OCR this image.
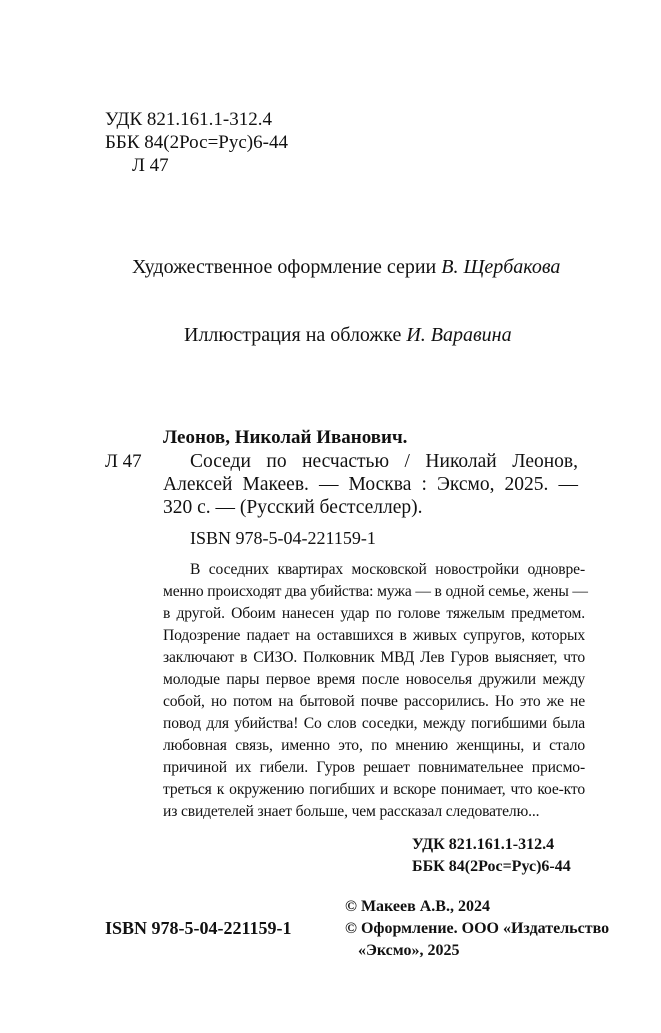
УДК 821.161.1-312.4
ББК 84(2Рос=Рус)6-44
Л 47
Художественное оформление серии В. Щербакова
Иллюстрация на обложке И. Варавина
Леонов, Николай Иванович.
Л 47 Соседи по несчастью / Николай Леонов,
Алексей Макеев. — Москва : Эксмо, 2025. —
320 с. — (Русский бестселлер).
ISBN 978-5-04-221159-1
В соседних квартирах московской новостройки одновре-
менно происходят два убийства: мужа — в одной семье, жены —
в другой. Обоим нанесен удар по голове тяжелым предметом.
Подозрение падает на оставшихся в живых супругов, которых
заключают в СИЗО. Полковник МВД Лев Гуров выясняет, что
молодые пары первое время после новоселья дружили между
собой, но потом на бытовой почве рассорились. Но это же не
повод для убийства! Со слов соседки, между погибшими была
любовная связь, именно это, по мнению женщины, и стало
причиной их гибели. Гуров решает повнимательнее присмо-
треться к окружению погибших и вскоре понимает, что кое-кто
из свидетелей знает больше, чем рассказал следователю...
УДК 821.161.1-312.4
ББК 84(2Рос=Рус)6-44
© Макеев А.В., 2024
© Оформление. ООО «Издательство
«Эксмо», 2025
ISBN 978-5-04-221159-1
